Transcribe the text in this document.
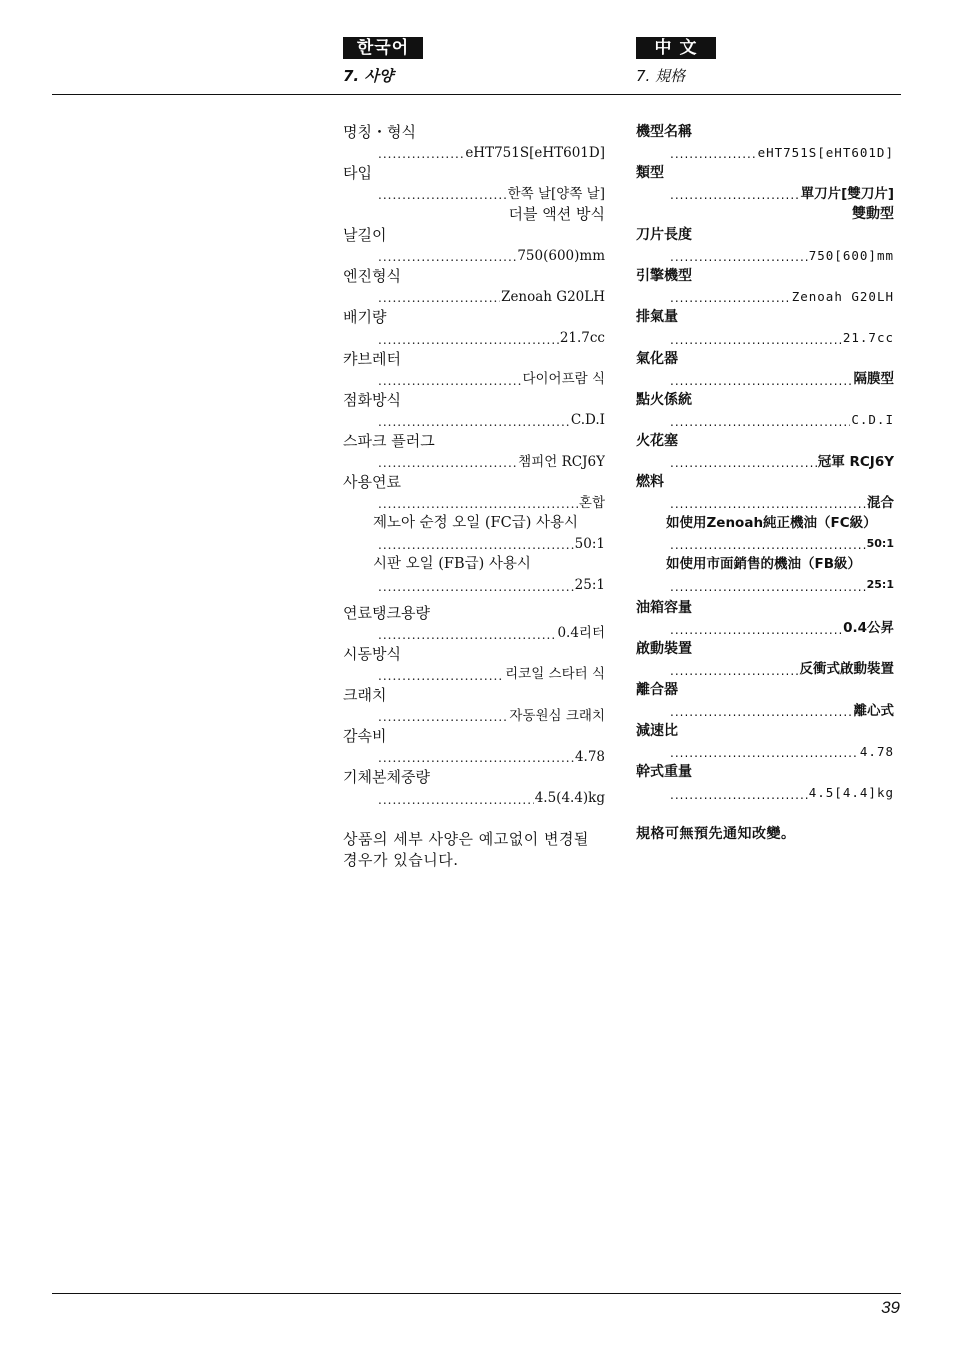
한국어
7. 사양
中 文
7. 規格
명칭・형식
.....
eHT751S[eHT601D]
타입
.....
한쪽 날[양쪽 날]
더블 액션 방식
날길이
.....
750(600)mm
엔진형식
.....
Zenoah G20LH
배기량
.....
21.7cc
캬브레터
.....
다이어프람 식
점화방식
.....
C.D.I
스파크 플러그
.....
챔피언 RCJ6Y
사용연료
.....
혼합
제노아 순정 오일 (FC급) 사용시
.....
50:1
시판 오일 (FB급) 사용시
.....
25:1
연료탱크용량
.....
0.4리터
시동방식
.....
리코일 스타터 식
크래치
.....
자동원심 크래치
감속비
.....
4.78
기체본체중량
.....
4.5(4.4)kg
상품의 세부 사양은 예고없이 변경될 경우가 있습니다.
機型名稱
.....
eHT751S[eHT601D]
類型
.....
單刀片[雙刀片]
雙動型
刀片長度
.....
750[600]mm
引擎機型
.....
Zenoah G20LH
排氣量
.....
21.7cc
氣化器
.....
隔膜型
點火係統
.....
C.D.I
火花塞
.....
冠軍 RCJ6Y
燃料
.....
混合
如使用Zenoah純正機油（FC級）
.....
50:1
如使用市面銷售的機油（FB級）
.....
25:1
油箱容量
.....
0.4公昇
啟動裝置
.....
反衝式啟動裝置
離合器
.....
離心式
減速比
.....
4.78
幹式重量
.....
4.5[4.4]kg
規格可無預先通知改變。
39
